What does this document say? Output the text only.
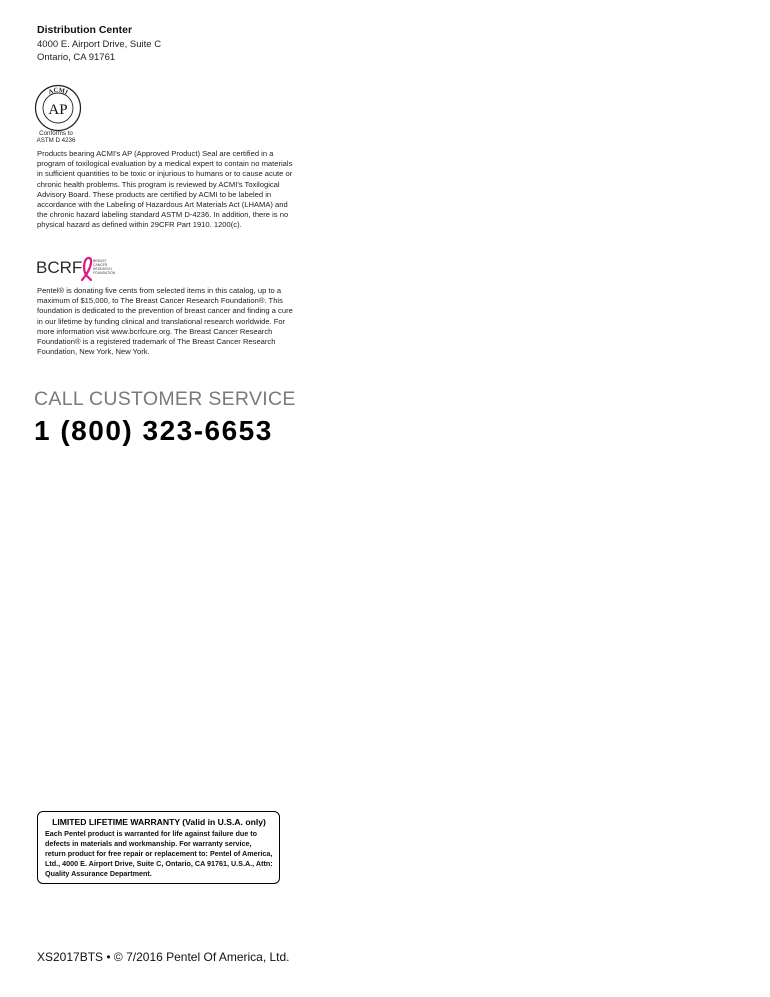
Distribution Center
4000 E. Airport Drive, Suite C
Ontario, CA 91761
ACMI
AP
Conforms to
ASTM D 4236
Products bearing ACMI's AP (Approved Product) Seal are certified in a program of toxilogical evaluation by a medical expert to contain no materials in sufficient quantities to be toxic or injurious to humans or to cause acute or chronic health problems. This program is reviewed by ACMI's Toxilogical Advisory Board. These products are certified by ACMI to be labeled in accordance with the Labeling of Hazardous Art Materials Act (LHAMA) and the chronic hazard labeling standard ASTM D-4236. In addition, there is no physical hazard as defined within 29CFR Part 1910. 1200(c).
BCRF	BREAST
CANCER
RESEARCH
FOUNDATION
Pentel® is donating five cents from selected items in this catalog, up to a maximum of $15,000, to The Breast Cancer Research Foundation®. This foundation is dedicated to the prevention of breast cancer and finding a cure in our lifetime by funding clinical and translational research worldwide. For more information visit www.bcrfcure.org. The Breast Cancer Research Foundation® is a registered trademark of The Breast Cancer Research Foundation, New York, New York.
CALL CUSTOMER SERVICE
1 (800) 323-6653
LIMITED LIFETIME WARRANTY (Valid in U.S.A. only)
Each Pentel product is warranted for life against failure due to defects in materials and workmanship. For warranty service, return product for free repair or replacement to: Pentel of America, Ltd., 4000 E. Airport Drive, Suite C, Ontario, CA 91761, U.S.A., Attn: Quality Assurance Department.
XS2017BTS • © 7/2016 Pentel Of America, Ltd.
